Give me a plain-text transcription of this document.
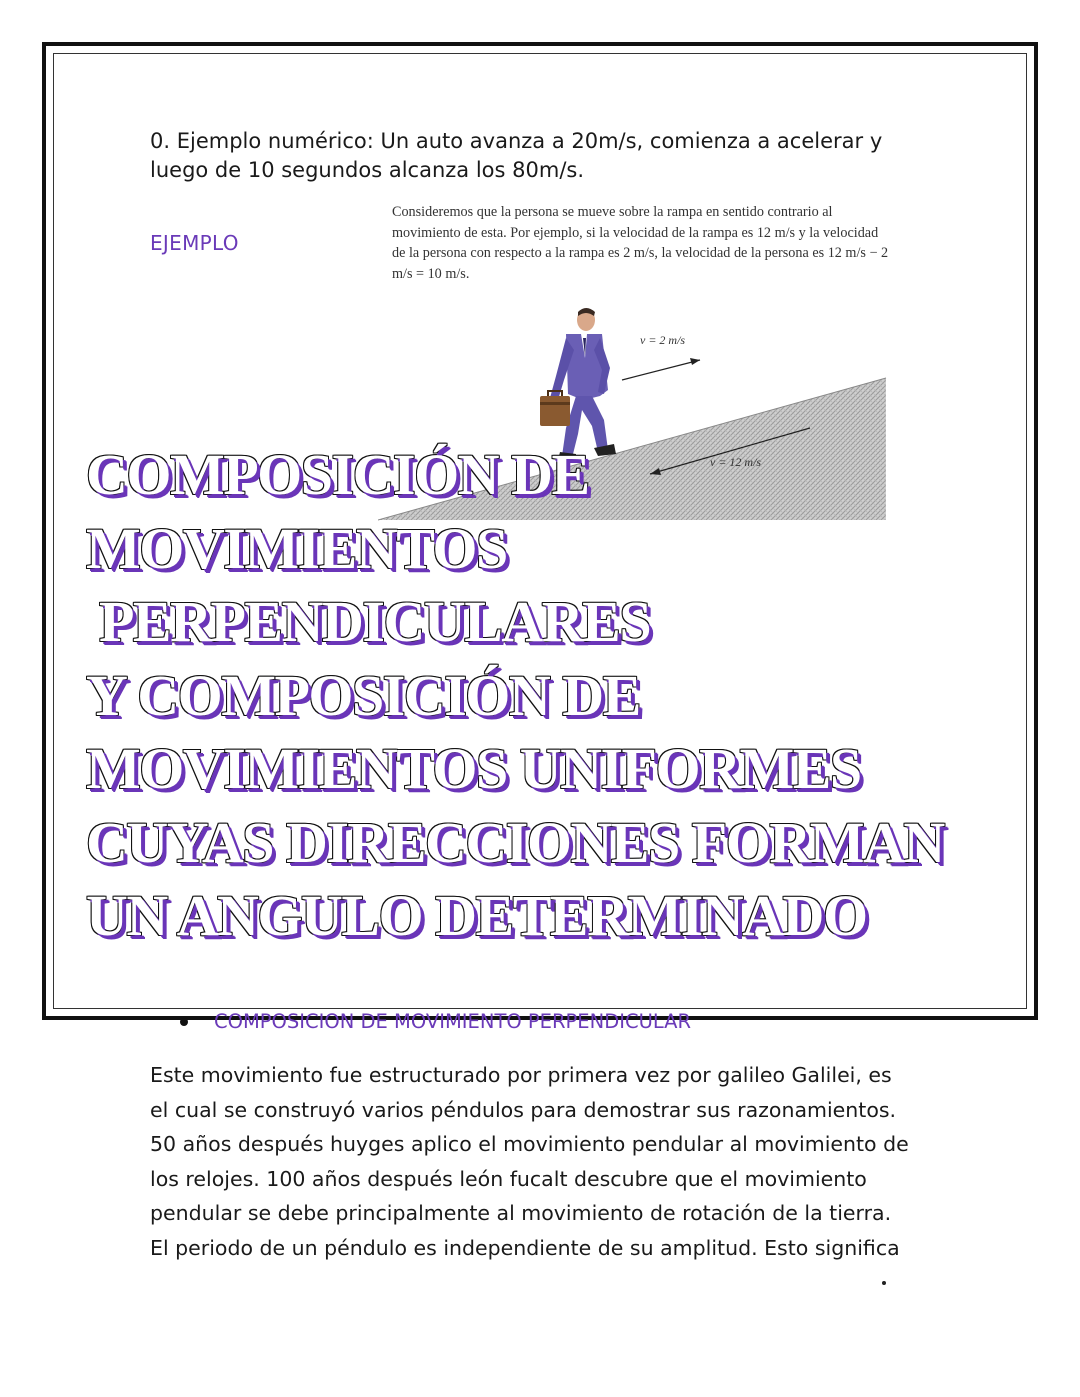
0. Ejemplo numérico: Un auto avanza a 20m/s, comienza a acelerar y
luego de 10 segundos alcanza los 80m/s.
EJEMPLO
Consideremos que la persona se mueve sobre la rampa en sentido contrario al movimiento de esta. Por ejemplo, si la velocidad de la rampa es 12 m/s y la velocidad de la persona con respecto a la rampa es 2 m/s, la velocidad de la persona es 12 m/s − 2 m/s = 10 m/s.
v = 2 m/s
v = 12 m/s
COMPOSICIÓN DE
MOVIMIENTOS
PERPENDICULARES
Y COMPOSICIÓN DE
MOVIMIENTOS UNIFORMES
CUYAS DIRECCIONES FORMAN
UN ANGULO DETERMINADO
COMPOSICION DE MOVIMIENTO PERPENDICULAR
Este movimiento fue estructurado por primera vez por galileo Galilei, es
el cual se construyó varios péndulos para demostrar sus razonamientos.
50 años después huyges aplico el movimiento pendular al movimiento de
los relojes. 100 años después león fucalt descubre que el movimiento
pendular se debe principalmente al movimiento de rotación de la tierra.
El periodo de un péndulo es independiente de su amplitud. Esto significa
